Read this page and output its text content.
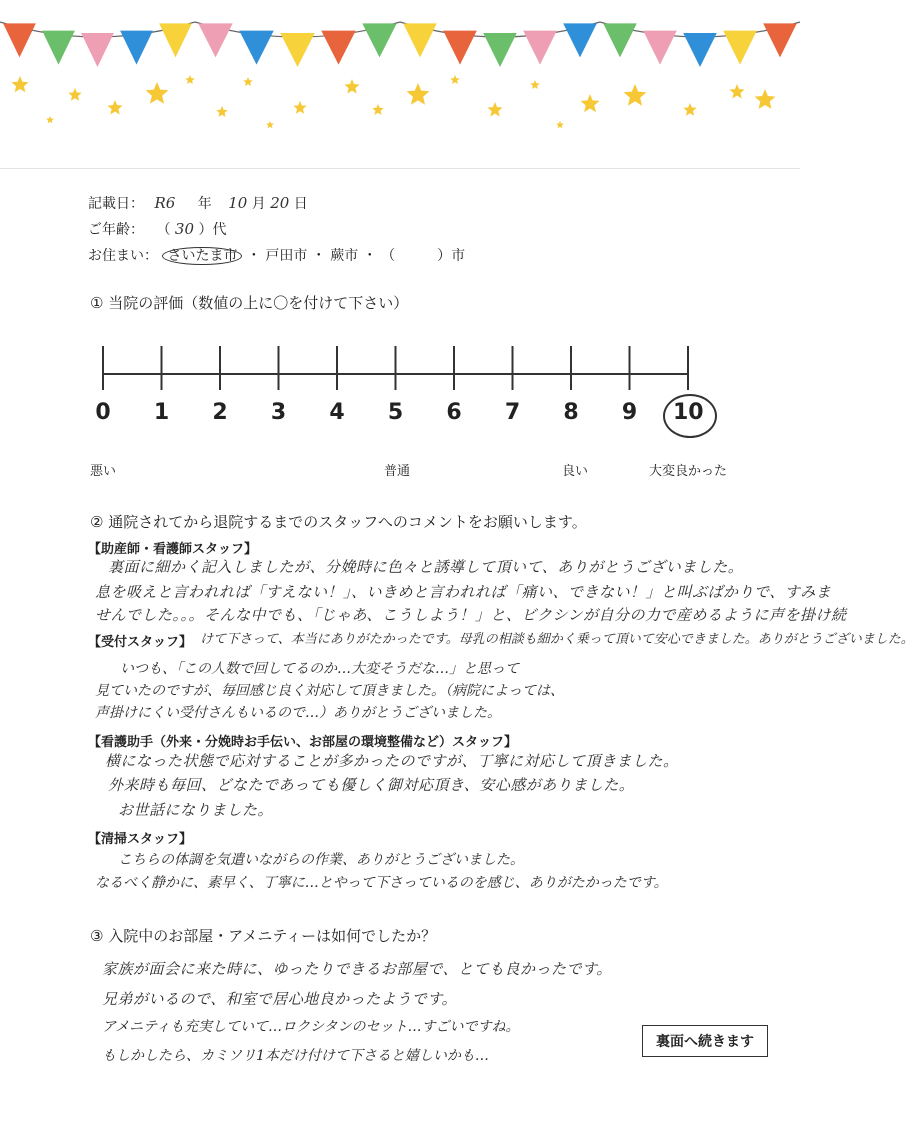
記載日： R6 年 10 月 20 日
ご年齢： （ 30 ）代
お住まい： さいたま市 ・ 戸田市 ・ 蕨市 ・ （　　　）市
① 当院の評価（数値の上に〇を付けて下さい）
0	1	2	3	4	5	6	7	8	9	10
悪い	普通	良い	大変良かった
② 通院されてから退院するまでのスタッフへのコメントをお願いします。
【助産師・看護師スタッフ】
裏面に細かく記入しましたが、分娩時に色々と誘導して頂いて、ありがとうございました。
息を吸えと言われれば「すえない！」、いきめと言われれば「痛い、できない！」と叫ぶばかりで、すみま
せんでした。。。そんな中でも、「じゃあ、こうしよう！」と、ビクシンが自分の力で産めるように声を掛け続
【受付スタッフ】 けて下さって、本当にありがたかったです。母乳の相談も細かく乗って頂いて安心できました。ありがとうございました。
いつも、「この人数で回してるのか…大変そうだな…」と思って
見ていたのですが、毎回感じ良く対応して頂きました。（病院によっては、
声掛けにくい受付さんもいるので…）ありがとうございました。
【看護助手（外来・分娩時お手伝い、お部屋の環境整備など）スタッフ】
横になった状態で応対することが多かったのですが、丁寧に対応して頂きました。
外来時も毎回、どなたであっても優しく御対応頂き、安心感がありました。
お世話になりました。
【清掃スタッフ】
こちらの体調を気遣いながらの作業、ありがとうございました。
なるべく静かに、素早く、丁寧に…とやって下さっているのを感じ、ありがたかったです。
③ 入院中のお部屋・アメニティーは如何でしたか？
家族が面会に来た時に、ゆったりできるお部屋で、とても良かったです。
兄弟がいるので、和室で居心地良かったようです。
アメニティも充実していて…ロクシタンのセット…すごいですね。
もしかしたら、カミソリ1本だけ付けて下さると嬉しいかも…
裏面へ続きます
